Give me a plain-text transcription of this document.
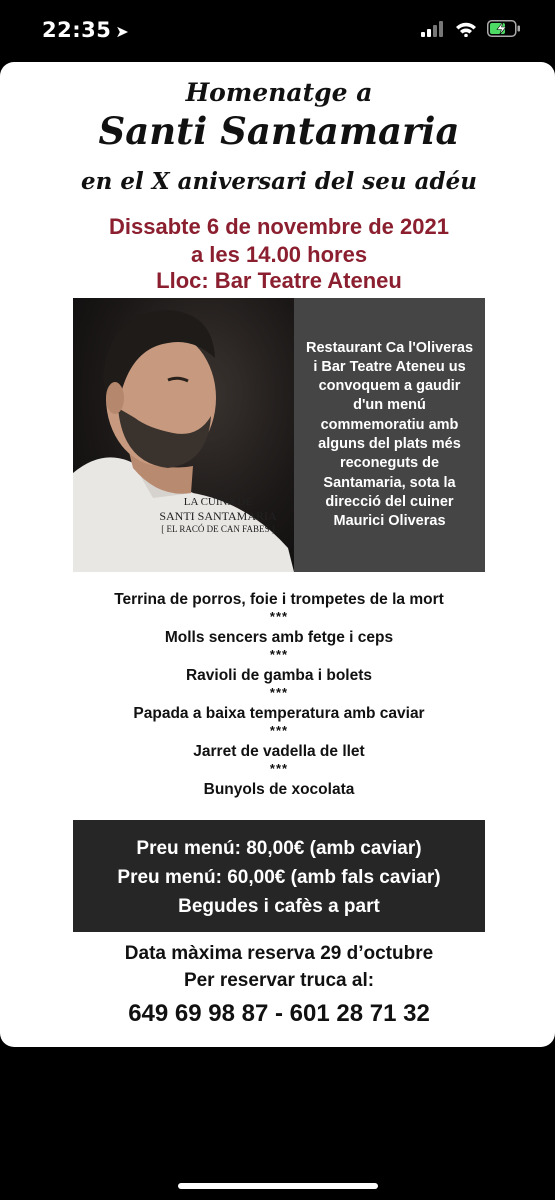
22:35 ➤
Homenatge a
Santi Santamaria
en el X aniversari del seu adéu
Dissabte 6 de novembre de 2021
a les 14.00 hores
Lloc: Bar Teatre Ateneu
LA CUINA DE
SANTI SANTAMARIA
[ EL RACÓ DE CAN FABES ]
Restaurant Ca l'Oliveras i Bar Teatre Ateneu us convoquem a gaudir d'un menú commemoratiu amb alguns del plats més reconeguts de Santamaria, sota la direcció del cuiner Maurici Oliveras
Terrina de porros, foie i trompetes de la mort
***
Molls sencers amb fetge i ceps
***
Ravioli de gamba i bolets
***
Papada a baixa temperatura amb caviar
***
Jarret de vadella de llet
***
Bunyols de xocolata
Preu menú: 80,00€ (amb caviar)
Preu menú: 60,00€ (amb fals caviar)
Begudes i cafès a part
Data màxima reserva 29 d’octubre
Per reservar truca al:
649 69 98 87 - 601 28 71 32
